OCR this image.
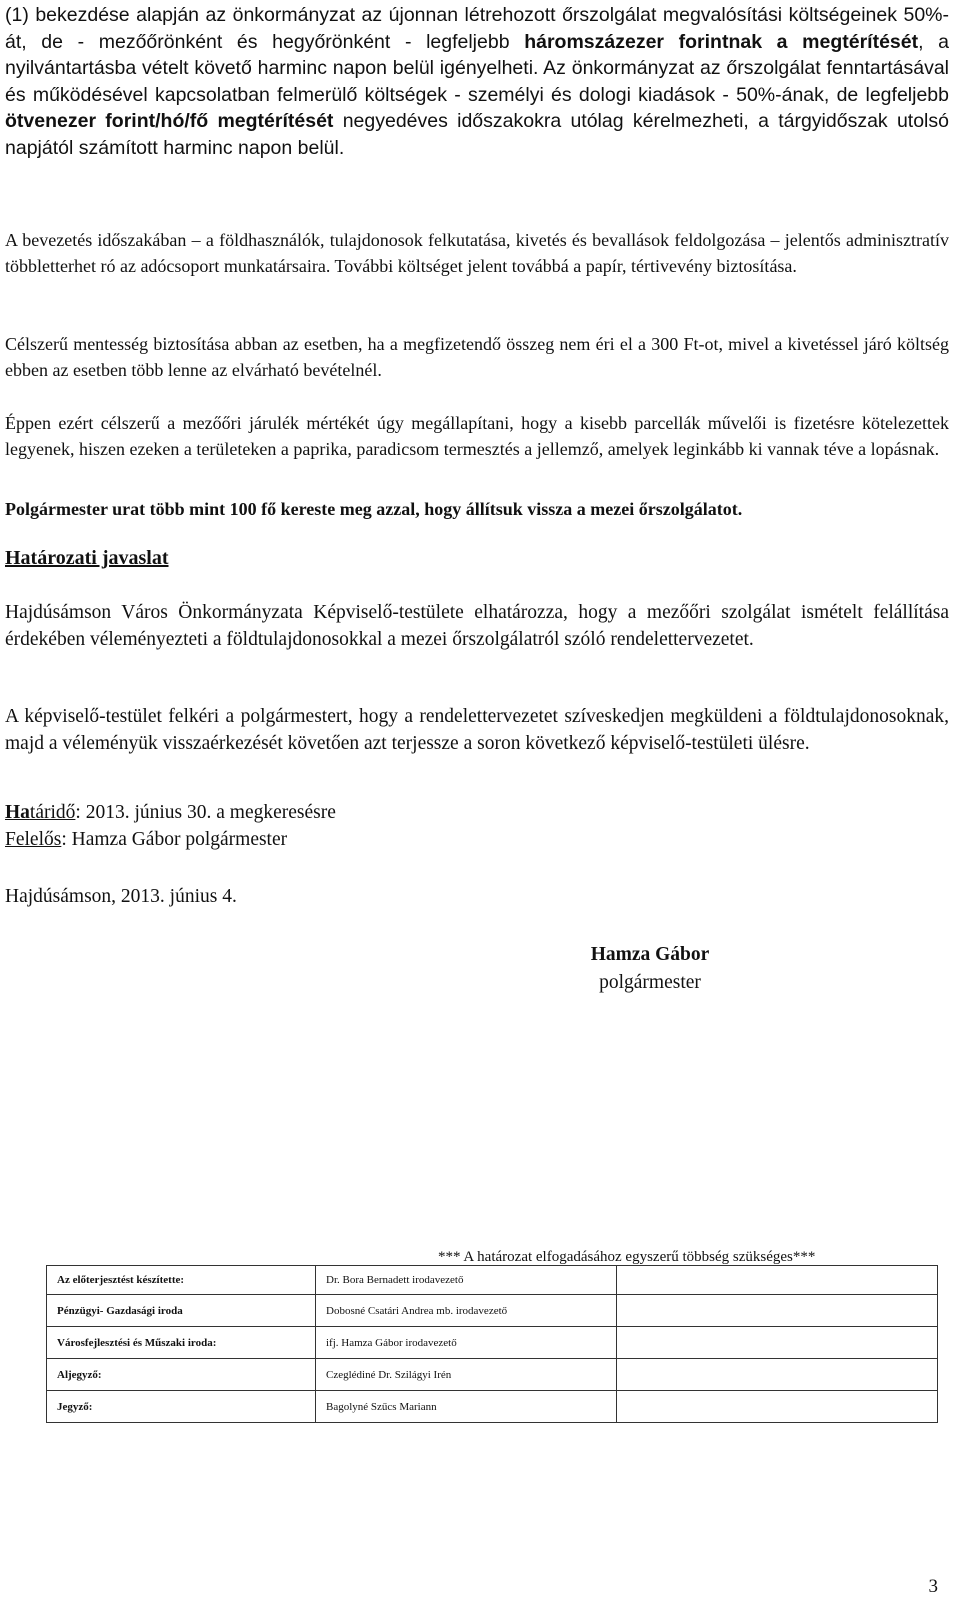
(1) bekezdése alapján az önkormányzat az újonnan létrehozott őrszolgálat megvalósítási költségeinek 50%-át, de - mezőőrönként és hegyőrönként - legfeljebb háromszázezer forintnak a megtérítését, a nyilvántartásba vételt követő harminc napon belül igényelheti. Az önkormányzat az őrszolgálat fenntartásával és működésével kapcsolatban felmerülő költségek - személyi és dologi kiadások - 50%-ának, de legfeljebb ötvenezer forint/hó/fő megtérítését negyedéves időszakokra utólag kérelmezheti, a tárgyidőszak utolsó napjától számított harminc napon belül.
A bevezetés időszakában – a földhasználók, tulajdonosok felkutatása, kivetés és bevallások feldolgozása – jelentős adminisztratív többletterhet ró az adócsoport munkatársaira. További költséget jelent továbbá a papír, tértivevény biztosítása.
Célszerű mentesség biztosítása abban az esetben, ha a megfizetendő összeg nem éri el a 300 Ft-ot, mivel a kivetéssel járó költség ebben az esetben több lenne az elvárható bevételnél.
Éppen ezért célszerű a mezőőri járulék mértékét úgy megállapítani, hogy a kisebb parcellák művelői is fizetésre kötelezettek legyenek, hiszen ezeken a területeken a paprika, paradicsom termesztés a jellemző, amelyek leginkább ki vannak téve a lopásnak.
Polgármester urat több mint 100 fő kereste meg azzal, hogy állítsuk vissza a mezei őrszolgálatot.
Határozati javaslat
Hajdúsámson Város Önkormányzata Képviselő-testülete elhatározza, hogy a mezőőri szolgálat ismételt felállítása érdekében véleményezteti a földtulajdonosokkal a mezei őrszolgálatról szóló rendelettervezetet.
A képviselő-testület felkéri a polgármestert, hogy a rendelettervezetet szíveskedjen megküldeni a földtulajdonosoknak, majd a véleményük visszaérkezését követően azt terjessze a soron következő képviselő-testületi ülésre.
Határidő: 2013. június 30. a megkeresésre
Felelős: Hamza Gábor polgármester
Hajdúsámson, 2013. június 4.
Hamza Gábor
polgármester
*** A határozat elfogadásához egyszerű többség szükséges***
Az előterjesztést készítette:	Dr. Bora Bernadett irodavezető	
Pénzügyi- Gazdasági iroda	Dobosné Csatári Andrea mb. irodavezető	
Városfejlesztési és Műszaki iroda:	ifj. Hamza Gábor irodavezető	
Aljegyző:	Czeglédiné Dr. Szilágyi Irén	
Jegyző:	Bagolyné Szűcs Mariann	
3
